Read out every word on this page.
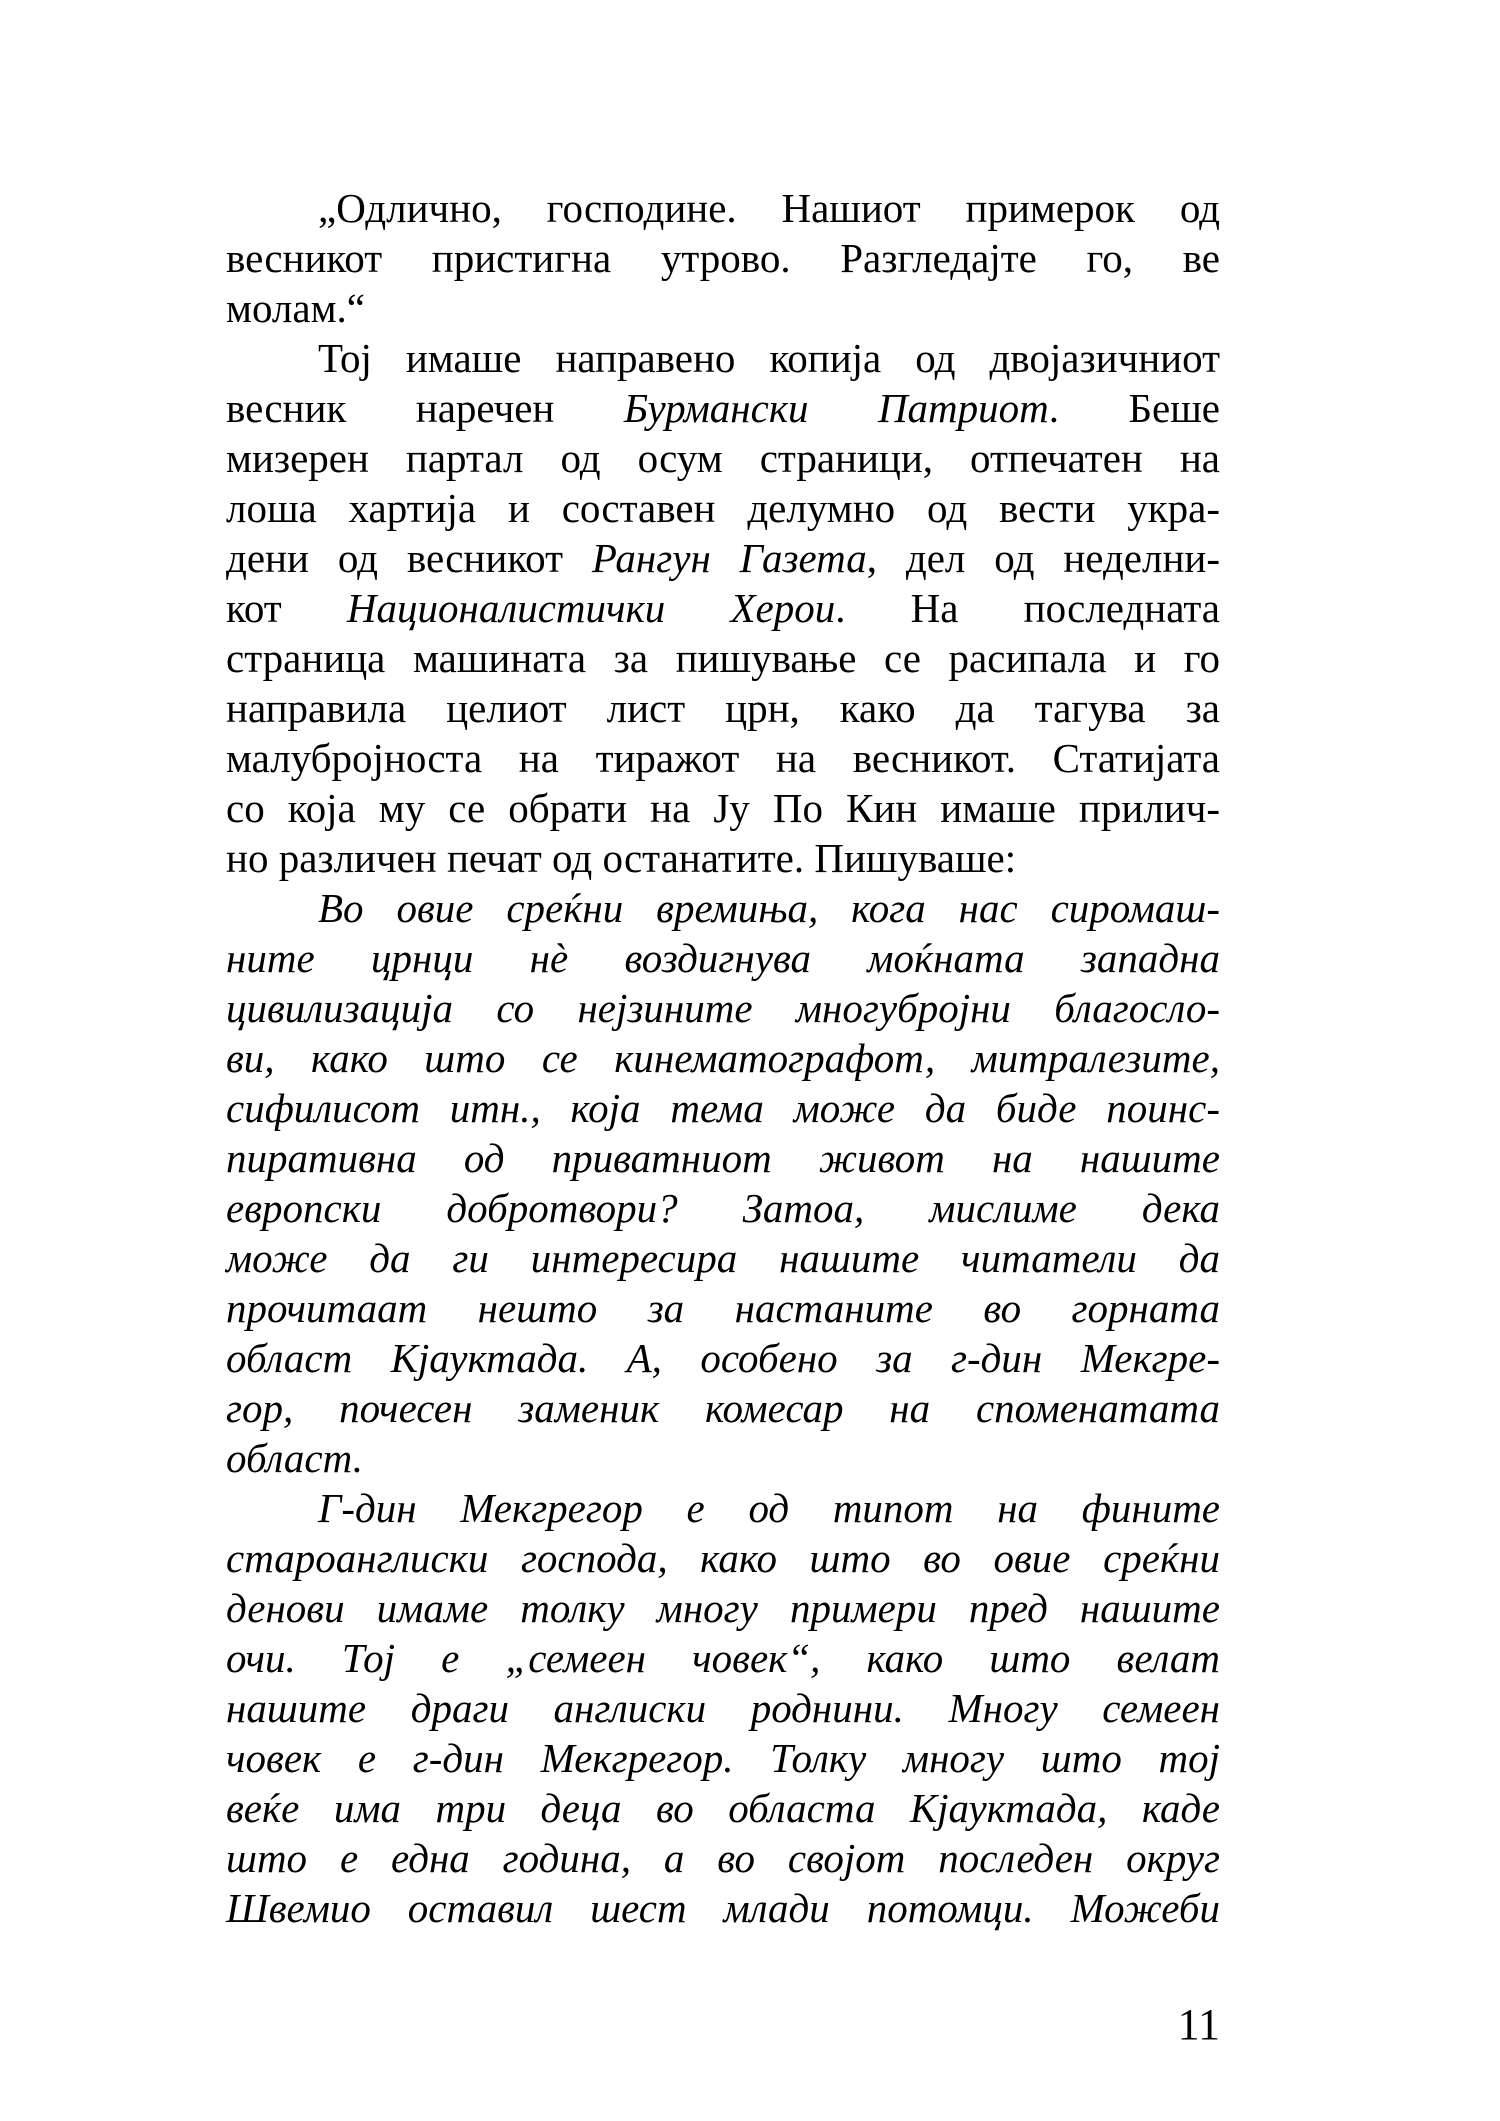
„Одлично, господине. Нашиот примерок од
весникот пристигна утрово. Разгледајте го, ве
молам.“
Тој имаше направено копија од двојазичниот
весник наречен Бурмански Патриот. Беше
мизерен партал од осум страници, отпечатен на
лоша хартија и составен делумно од вести укра-
дени од весникот Рангун Газета, дел од неделни-
кот Националистички Херои. На последната
страница машината за пишување се расипала и го
направила целиот лист црн, како да тагува за
малубројноста на тиражот на весникот. Статијата
со која му се обрати на Ју По Кин имаше прилич-
но различен печат од останатите. Пишуваше:
Во овие среќни времиња, кога нас сиромаш-
ните црнци нѐ воздигнува моќната западна
цивилизација со нејзините многубројни благосло-
ви, како што се кинематографот, митралезите,
сифилисот итн., која тема може да биде поинс-
пиративна од приватниот живот на нашите
европски добротвори? Затоа, мислиме дека
може да ги интересира нашите читатели да
прочитаат нешто за настаните во горната
област Кјауктада. А, особено за г-дин Мекгре-
гор, почесен заменик комесар на споменатата
област.
Г-дин Мекгрегор е од типот на фините
староанглиски господа, како што во овие среќни
денови имаме толку многу примери пред нашите
очи. Тој е „семеен човек“, како што велат
нашите драги англиски роднини. Многу семеен
човек е г-дин Мекгрегор. Толку многу што тој
веќе има три деца во областа Кјауктада, каде
што е една година, а во својот последен округ
Швемио оставил шест млади потомци. Можеби
11
